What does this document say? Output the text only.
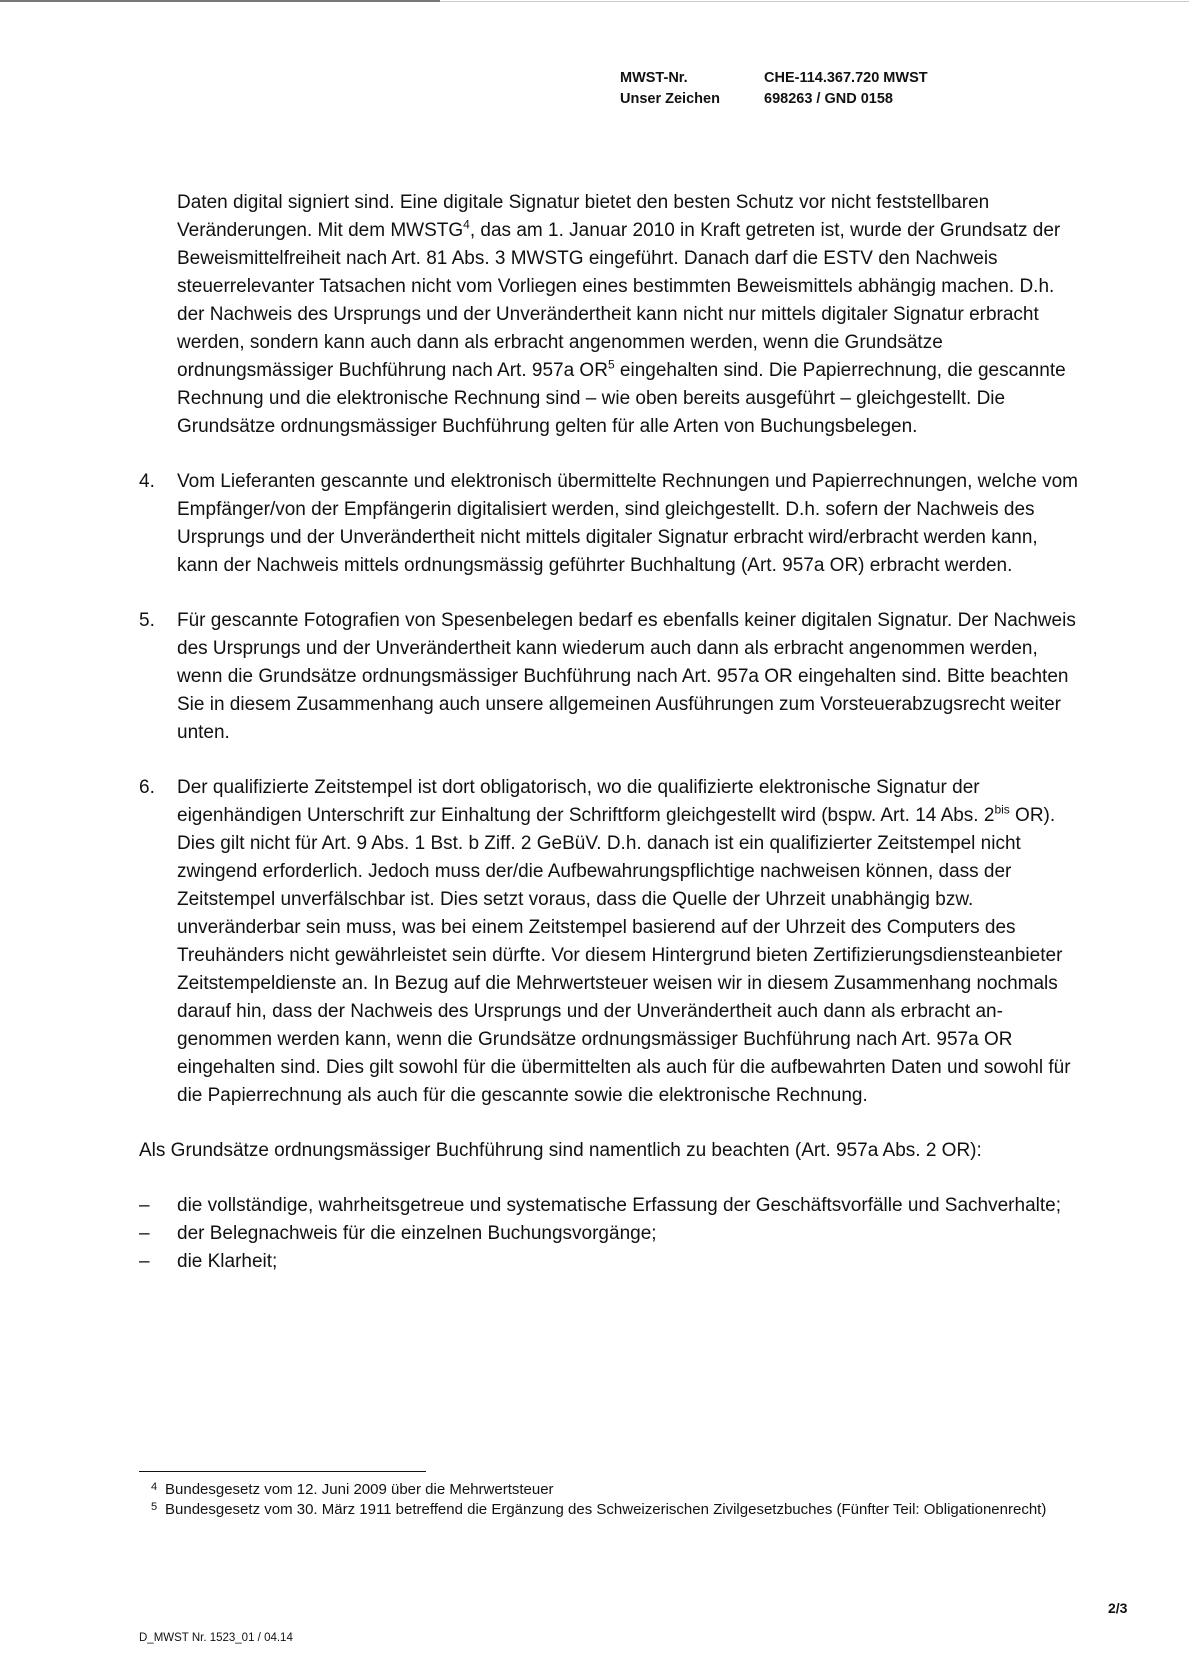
MWST-Nr.	CHE-114.367.720 MWST
Unser Zeichen	698263 / GND 0158

Daten digital signiert sind. Eine digitale Signatur bietet den besten Schutz vor nicht feststellbaren Veränderungen. Mit dem MWSTG$^4$, das am 1. Januar 2010 in Kraft getreten ist, wurde der Grundsatz der Beweismittelfreiheit nach Art. 81 Abs. 3 MWSTG eingeführt. Danach darf die ESTV den Nachweis steuerrelevanter Tatsachen nicht vom Vorliegen eines bestimmten Beweismittels abhängig machen. D.h. der Nachweis des Ursprungs und der Unverändertheit kann nicht nur mittels digitaler Signatur erbracht werden, sondern kann auch dann als erbracht angenommen werden, wenn die Grundsätze ordnungsmässiger Buchführung nach Art. 957a $OR^5$ eingehalten sind. Die Papierrechnung, die gescannte Rechnung und die elektronische Rechnung sind – wie oben bereits ausgeführt – gleichgestellt. Die Grundsätze ordnungsmässiger Buchführung gelten für alle Arten von Buchungsbelegen.

4.	Vom Lieferanten gescannte und elektronisch übermittelte Rechnungen und Papierrechnungen, welche vom Empfänger/von der Empfängerin digitalisiert werden, sind gleichgestellt. D.h. sofern der Nachweis des Ursprungs und der Unverändertheit nicht mittels digitaler Signatur erbracht wird/erbracht werden kann, kann der Nachweis mittels ordnungsmässig geführter Buchhaltung (Art. 957a OR) erbracht werden.
5.	Für gescannte Fotografien von Spesenbelegen bedarf es ebenfalls keiner digitalen Signatur. Der Nachweis des Ursprungs und der Unverändertheit kann wiederum auch dann als erbracht angenommen werden, wenn die Grundsätze ordnungsmässiger Buchführung nach Art. 957a OR eingehalten sind. Bitte beachten Sie in diesem Zusammenhang auch unsere allgemeinen Ausführungen zum Vorsteuerabzugsrecht weiter unten.
6.	Der qualifizierte Zeitstempel ist dort obligatorisch, wo die qualifizierte elektronische Signatur der eigenhändigen Unterschrift zur Einhaltung der Schriftform gleichgestellt wird (bspw. Art. 14 Abs. $2^{bis}$ OR). Dies gilt nicht für Art. 9 Abs. 1 Bst. b Ziff. 2 GeBüV. D.h. danach ist ein qualifizierter Zeitstempel nicht zwingend erforderlich. Jedoch muss der/die Aufbewahrungspflichtige nachweisen können, dass der Zeitstempel unverfälschbar ist. Dies setzt voraus, dass die Quelle der Uhrzeit unabhängig bzw. unveränderbar sein muss, was bei einem Zeitstempel basierend auf der Uhrzeit des Computers des Treuhänders nicht gewährleistet sein dürfte. Vor diesem Hintergrund bieten Zertifizierungsdiensteanbieter Zeitstempeldienste an. In Bezug auf die Mehrwertsteuer weisen wir in diesem Zusammenhang nochmals darauf hin, dass der Nachweis des Ursprungs und der Unverändertheit auch dann als erbracht angenommen werden kann, wenn die Grundsätze ordnungsmässiger Buchführung nach Art. 957a OR eingehalten sind. Dies gilt sowohl für die übermittelten als auch für die aufbewahrten Daten und sowohl für die Papierrechnung als auch für die gescannte sowie die elektronische Rechnung.

Als Grundsätze ordnungsmässiger Buchführung sind namentlich zu beachten (Art. 957a Abs. 2 OR):

–	die vollständige, wahrheitsgetreue und systematische Erfassung der Geschäftsvorfälle und Sachverhalte;
–	der Belegnachweis für die einzelnen Buchungsvorgänge;
–	die Klarheit;
4 Bundesgesetz vom 12. Juni 2009 über die Mehrwertsteuer
5 Bundesgesetz vom 30. März 1911 betreffend die Ergänzung des Schweizerischen Zivilgesetzbuches (Fünfter Teil: Obligationenrecht)
2/3
D_MWST Nr. 1523_01 / 04.14
